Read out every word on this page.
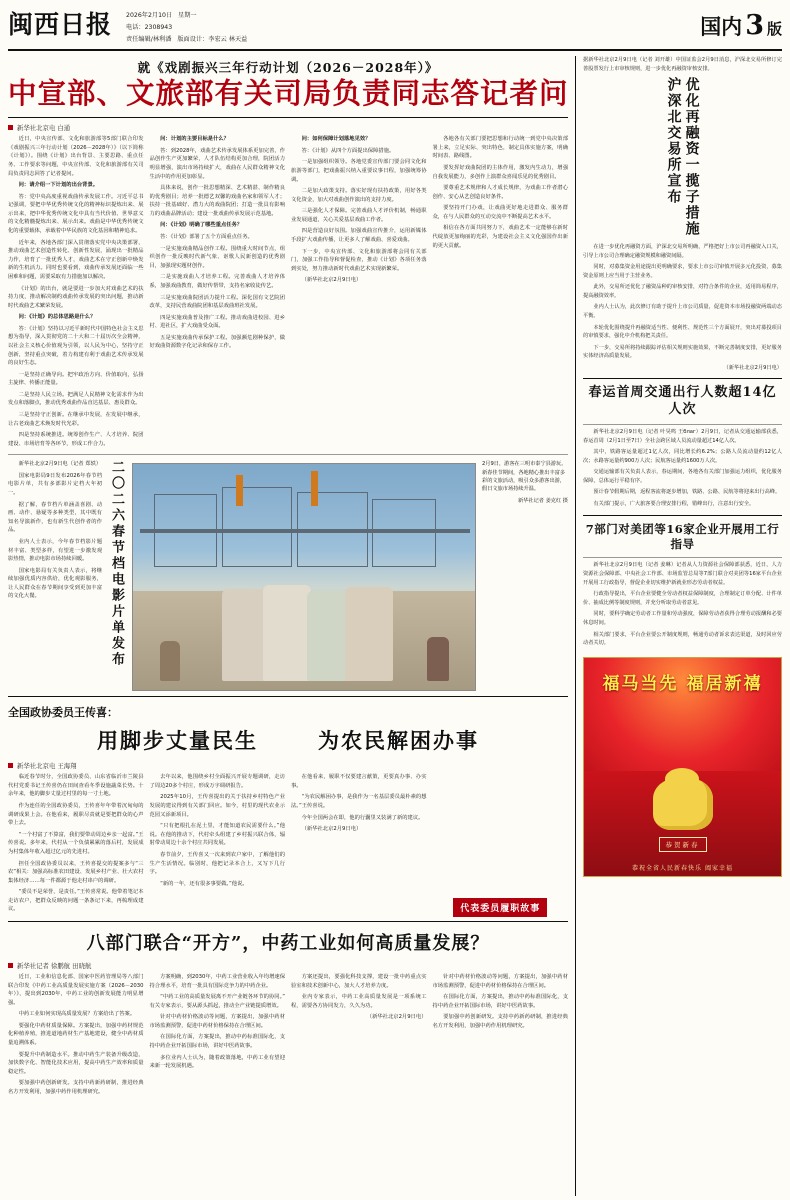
闽西日报 2026年2月10日 星期一
电话：2308943
责任编辑/林利潘 版面设计：李宏云 林天益
国内 3 版
就《戏剧振兴三年行动计划（2026－2028年）》
中宣部、文旅部有关司局负责同志答记者问
新华社北京电 白通

近日，中央宣传部、文化和旅游部等5部门联合印发《戏剧振兴三年行动计划（2026－2028年）》（以下简称《计划》）。围绕《计划》出台背景、主要思路、重点任务、工作要求等问题，中央宣传部、文化和旅游部有关司局负责同志回答了记者提问。

问：请介绍一下计划的出台背景。

答：党中央高度重视戏曲传承发展工作。习近平总书记强调，要把中华优秀传统文化的精神标识提炼出来、展示出来，把中华优秀传统文化中具有当代价值、世界意义的文化精髓提炼出来、展示出来。戏曲是中华优秀传统文化的重要载体，承载着中华民族的文化基因和精神追求。

近年来，各地各部门深入贯彻落实党中央决策部署，推动戏曲艺术创造性转化、创新性发展，涌现出一批精品力作，培育了一批优秀人才，戏曲艺术在守正创新中焕发新的生机活力。同时也要看到，戏曲传承发展还面临一些困难和问题，需要采取有力措施加以解决。

《计划》的出台，就是要进一步加大对戏曲艺术的扶持力度，推动解决制约戏曲传承发展的突出问题，推动新时代戏曲艺术繁荣发展。

问：《计划》的总体思路是什么？

答：《计划》坚持以习近平新时代中国特色社会主义思想为指导，深入贯彻党的二十大和二十届历次全会精神，以社会主义核心价值观为引领，以人民为中心，坚持守正创新，坚持重点突破，着力构建有利于戏曲艺术传承发展的良好生态。

一是坚持正确导向。把牢政治方向、价值取向，弘扬主旋律、传播正能量。

二是坚持人民立场。把满足人民精神文化需求作为出发点和落脚点，推动优秀戏曲作品直达基层、惠及群众。

三是坚持守正创新。在继承中发展，在发展中继承，让古老戏曲艺术焕发时代光彩。

四是坚持系统推进。统筹创作生产、人才培养、院团建设、市场培育等各环节，形成工作合力。

问：计划的主要目标是什么？

答：到2028年，戏曲艺术传承发展体系更加完善，作品创作生产更加繁荣，人才队伍结构更加合理，院团活力明显增强，演出市场持续扩大，戏曲在人民群众精神文化生活中的作用更加彰显。

具体来说，创作一批思想精深、艺术精湛、制作精良的优秀剧目；培养一批德艺双馨的戏曲名家和领军人才；扶持一批基础好、潜力大的戏曲院团；打造一批具有影响力的戏曲品牌活动；建设一批戏曲传承发展示范基地。

问：《计划》明确了哪些重点任务？

答：《计划》部署了五个方面重点任务。

一是实施戏曲精品创作工程。围绕重大时间节点，组织创作一批反映时代新气象、讴歌人民新创造的优秀剧目，加强现实题材创作。

二是实施戏曲人才培养工程。完善戏曲人才培养体系，加强戏曲教育，做好传帮带，支持名家收徒传艺。

三是实施戏曲院团活力提升工程。深化国有文艺院团改革，支持民营戏曲院团和基层戏曲班社发展。

四是实施戏曲普及推广工程。推动戏曲进校园、进乡村、进社区，扩大戏曲受众面。

五是实施戏曲传承保护工程。加强濒危剧种保护，做好戏曲资源数字化记录和保存工作。

问：如何保障计划落地见效？

答：《计划》从四个方面提出保障措施。

一是加强组织领导。各地党委宣传部门要会同文化和旅游等部门，把戏曲振兴纳入重要议事日程，加强统筹协调。

二是加大政策支持。落实好现有扶持政策，用好各类文化资金，加大对戏曲创作演出的支持力度。

三是强化人才保障。完善戏曲人才评价机制，畅通职业发展通道，关心关爱基层戏曲工作者。

四是营造良好氛围。加强戏曲宣传推介，运用新媒体手段扩大戏曲传播，让更多人了解戏曲、喜爱戏曲。

下一步，中央宣传部、文化和旅游部将会同有关部门，加强工作指导和督促检查，推动《计划》各项任务落到实处，努力推动新时代戏曲艺术实现新繁荣。

（新华社北京2月9日电）

各地各有关部门要把思想和行动统一到党中央决策部署上来，立足实际、突出特色，制定具体实施方案，明确时间表、路线图。

要发挥好戏曲院团的主体作用，激发内生动力，增强自我发展能力，多创作上演群众喜闻乐见的优秀剧目。

要尊重艺术规律和人才成长规律，为戏曲工作者潜心创作、安心从艺创造良好条件。

要坚持开门办戏，让戏曲更好地走进群众、服务群众，在与人民群众的互动交流中不断提高艺术水平。

相信在各方面共同努力下，戏曲艺术一定能够在新时代绽放更加绚丽的光彩，为建设社会主义文化强国作出新的更大贡献。

新华社北京2月9日电（记者 郑轶）

国家电影局9日发布2026年春节档电影片单，共有多部影片定档大年初一。

据了解，春节档片单涵盖喜剧、动画、动作、悬疑等多种类型，其中既有知名导演新作，也有新生代创作者的作品。

业内人士表示，今年春节档影片题材丰富、类型多样，有望进一步激发观影热情，推动电影市场持续回暖。

国家电影局有关负责人表示，将继续加强优质内容供给，优化观影服务，让人民群众在春节期间享受到更加丰富的文化大餐。	二〇二六春节档电影片单发布	2月9日，游客在三明市泰宁县游玩。新春佳节期间，各地精心推出丰富多彩的文旅活动，吸引众多游客出游，假日文旅市场持续升温。
新华社记者 姜克红 摄
全国政协委员王传喜：
用脚步丈量民生	为农民解困办事
新华社北京电 王海翔

临近春节时分，全国政协委员、山东省临沂市兰陵县代村党委书记王传喜仍在田间查看冬季设施蔬菜长势。十余年来，他的脚步丈量过村里的每一寸土地。

作为连任的全国政协委员，王传喜年年带着沉甸甸的调研成果上会。在他看来，履职尽责就是要把群众的心声带上去。

“一个村富了不算富，我们要带动周边乡亲一起富。”王传喜说。多年来，代村从一个负债累累的落后村，发展成为村集体年收入超过亿元的先进村。

担任全国政协委员以来，王传喜提交的提案多与“三农”相关：加强高标准农田建设、发展乡村产业、壮大农村集体经济……每一件都源于他走村串户的调研。

“委员不是荣誉，是责任。”王传喜常说。他带着笔记本走访农户，把群众反映的问题一条条记下来，再梳理成建议。

去年以来，他围绕乡村全面振兴开展专题调研，走访了周边20多个村庄，形成万字调研报告。

2025年10月，王传喜提出的关于扶持乡村特色产业发展的建议得到有关部门回应。如今，村里的现代农业示范园又添新项目。

“只有把根扎在泥土里，才能知道农民需要什么。”他说。在他的推动下，代村牵头组建了乡村振兴联合体，辐射带动周边十余个村庄共同发展。

春节前夕，王传喜又一次来到农户家中，了解他们的生产生活情况。临别时，他把记录本合上，又写下几行字。

“新的一年，还有很多事要做。”他说。

在他看来，履职不仅要建言献策，更要真办事、办实事。

“为农民解困办事，是我作为一名基层委员最朴素的想法。”王传喜说。

今年全国两会在即，他的行囊里又装满了新的建议。

（新华社北京2月9日电）

代表委员履职故事
八部门联合“开方”，中药工业如何高质量发展？
新华社记者 徐鹏航 田晓航

近日，工业和信息化部、国家中医药管理局等八部门联合印发《中药工业高质量发展实施方案（2026－2030年）》，提出到2030年，中药工业的创新发展能力明显增强。

中药工业如何实现高质量发展？方案给出了答案。

要强化中药材质量保障。方案提出，加强中药材规范化种植养殖，推进道地药材生产基地建设，健全中药材质量追溯体系。

要提升中药制造水平。推动中药生产装备升级改造，加快数字化、智能化技术应用，提高中药生产效率和质量稳定性。

要加强中药创新研发。支持中药新药研制，推进经典名方开发利用，加强中药作用机理研究。

方案明确，到2030年，中药工业营业收入年均增速保持合理水平，培育一批具有国际竞争力的中药企业。

“中药工业的高质量发展离不开产业链各环节的协同。”有关专家表示，要从源头抓起，推动全产业链提质增效。

针对中药材价格波动等问题，方案提出，加强中药材市场监测预警，促进中药材价格保持在合理区间。

在国际化方面，方案提出，推动中药标准国际化，支持中药企业开拓国际市场，讲好中医药故事。

多位业内人士认为，随着政策落地，中药工业有望迎来新一轮发展机遇。

方案还提出，要强化科技支撑，建设一批中药重点实验室和技术创新中心，加大人才培养力度。

业内专家表示，中药工业高质量发展是一项系统工程，需要各方协同发力，久久为功。

（新华社北京2月9日电）

针对中药材价格波动等问题，方案提出，加强中药材市场监测预警，促进中药材价格保持在合理区间。

在国际化方面，方案提出，推动中药标准国际化，支持中药企业开拓国际市场，讲好中医药故事。

要加强中药创新研发。支持中药新药研制，推进经典名方开发利用，加强中药作用机理研究。

据新华社北京2月9日电（记者 刘开雄）中国证监会2月9日消息，沪深北交易所修订完善股票发行上市审核规则，进一步优化再融资审核安排。
沪深北交易所宣布 优化再融资一揽子措施

在进一步优化再融资方面，沪深北交易所明确，严格把好上市公司再融资入口关，引导上市公司合理确定融资规模和融资间隔。

同时，对募集资金用途提出更明确要求，要求上市公司审慎开展多元化投资，募集资金原则上应当用于主营业务。

此外，交易所还优化了融资品种的审核安排，对符合条件的企业，适用简易程序，提高融资效率。

业内人士认为，此次修订有助于提升上市公司质量，促进资本市场投融资两端动态平衡。

本轮优化围绕提升再融资适当性、便利性、规范性三个方面展开，突出对募投项目的审慎要求，强化中介机构把关责任。

下一步，交易所将持续跟踪评估相关规则实施效果，不断完善制度安排，更好服务实体经济高质量发展。

（新华社北京2月9日电）

春运首周交通出行人数超14亿人次

新华社北京2月9日电（记者 叶昊鸣 王благ）2月9日，记者从交通运输部获悉，春运首周（2月1日至7日）全社会跨区域人员流动量超过14亿人次。

其中，铁路客运量超过1亿人次，同比增长约6.2%；公路人员流动量约12亿人次；水路客运量约900万人次；民航客运量约1600万人次。

交通运输部有关负责人表示，春运期间，各地各有关部门加强运力组织，优化服务保障，总体运行平稳有序。

预计春节假期后期，返程客流将逐步增加，铁路、公路、民航等将迎来出行高峰。

有关部门提示，广大旅客要合理安排行程，错峰出行，注意出行安全。

7部门对美团等16家企业开展用工行指导

新华社北京2月9日电（记者 姜琳）记者从人力资源社会保障部获悉，近日，人力资源社会保障部、中央社会工作部、市场监管总局等7部门联合对美团等16家平台企业开展用工行政指导，督促企业切实维护新就业形态劳动者权益。

行政指导提出，平台企业要健全劳动者权益保障制度，合理制定订单分配、计件单价、抽成比例等制度规则，并充分听取劳动者意见。

同时，要科学确定劳动者工作量和劳动强度，保障劳动者获得合理劳动报酬和必要休息时间。

相关部门要求，平台企业要公开制度规则，畅通劳动者诉求表达渠道，及时回应劳动者关切。

福马当先 福居新禧
恭贺新春
恭祝全省人民新春快乐 阖家幸福
